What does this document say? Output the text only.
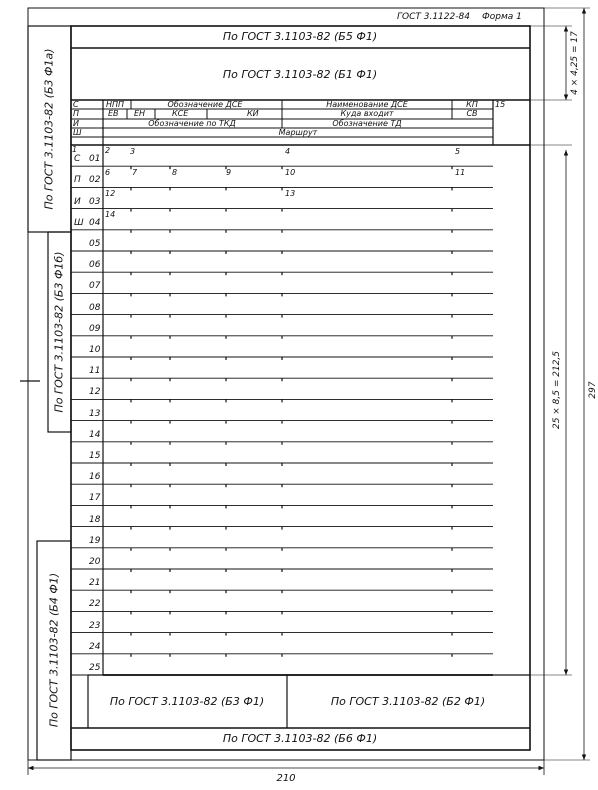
ГОСТ 3.1122-84 Форма 1
По ГОСТ 3.1103-82 (Б5 Ф1)
По ГОСТ 3.1103-82 (Б1 Ф1)
С	НПП	Обозначение ДСЕ	Наименование ДСЕ	КП 15
П	ЕВ ЕН	КСЕ	КИ	Куда входит	СВ
И	Обозначение по ТКД	Обозначение ТД
Ш	Маршрут
С 01
П 02
И 03
Ш 04
05
06
07
08
09
10
11
12
13
14
15
16
17
18
19
20
21
22
23
24
25
1	2 3	4	5
6	7	8	9	10	11
12	13
14
По ГОСТ 3.1103-82 (Б3 Ф1а)
По ГОСТ 3.1103-82 (Б3 Ф1б)
По ГОСТ 3.1103-82 (Б4 Ф1)	По ГОСТ 3.1103-82 (Б3 Ф1)	По ГОСТ 3.1103-82 (Б2 Ф1)
По ГОСТ 3.1103-82 (Б6 Ф1)
210
4 × 4,25 = 17
25 × 8,5 = 212,5	297
